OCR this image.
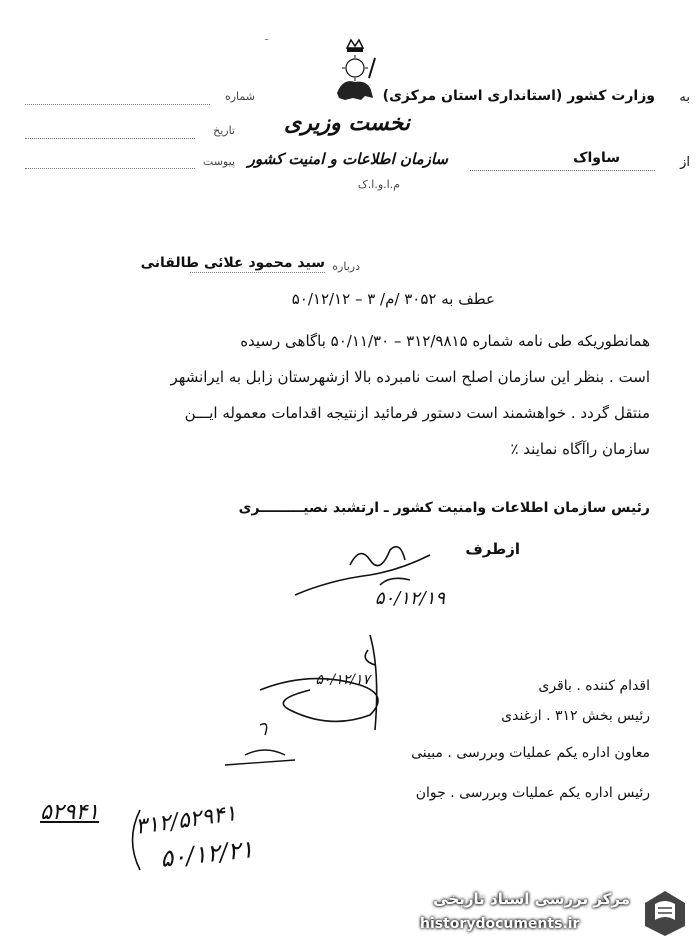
ـ
نخست وزیری
سازمان اطلاعات و امنیت کشور
م.ا.و.ا.ک
به
وزارت کشور (استانداری استان مرکزی)
از
ساواک
شماره
تاریخ
پیوست
درباره
سید محمود علائی طالقانی
عطف به ۳۰۵۲ /م/ ۳ – ۵۰/۱۲/۱۲
همانطوریکه طی نامه شماره ۳۱۲/۹۸۱۵ – ۵۰/۱۱/۳۰ باگاهی رسیده
است . بنظر این سازمان اصلح است نامبرده بالا ازشهرستان زابل به ایرانشهر
منتقل گردد . خواهشمند است دستور فرمائید ازنتیجه اقدامات معموله ایـــن
سازمان راآگاه نمایند ٪
رئیس سازمان اطلاعات وامنیت کشور ـ ارتشبد نصیـــــــــری
ازطرف
۵۰/۱۲/۱۹
۵۰/۱۲/۱۷	اقدام کننده . باقری
رئیس بخش ۳۱۲ . ازغندی
معاون اداره یکم عملیات وبررسی . مبینی
رئیس اداره یکم عملیات وبررسی . جوان
۵۲۹۴۱ ۳۱۲/۵۲۹۴۱
۵۰/۱۲/۲۱
مرکز بررسی اسناد تاریخی
historydocuments.ir
